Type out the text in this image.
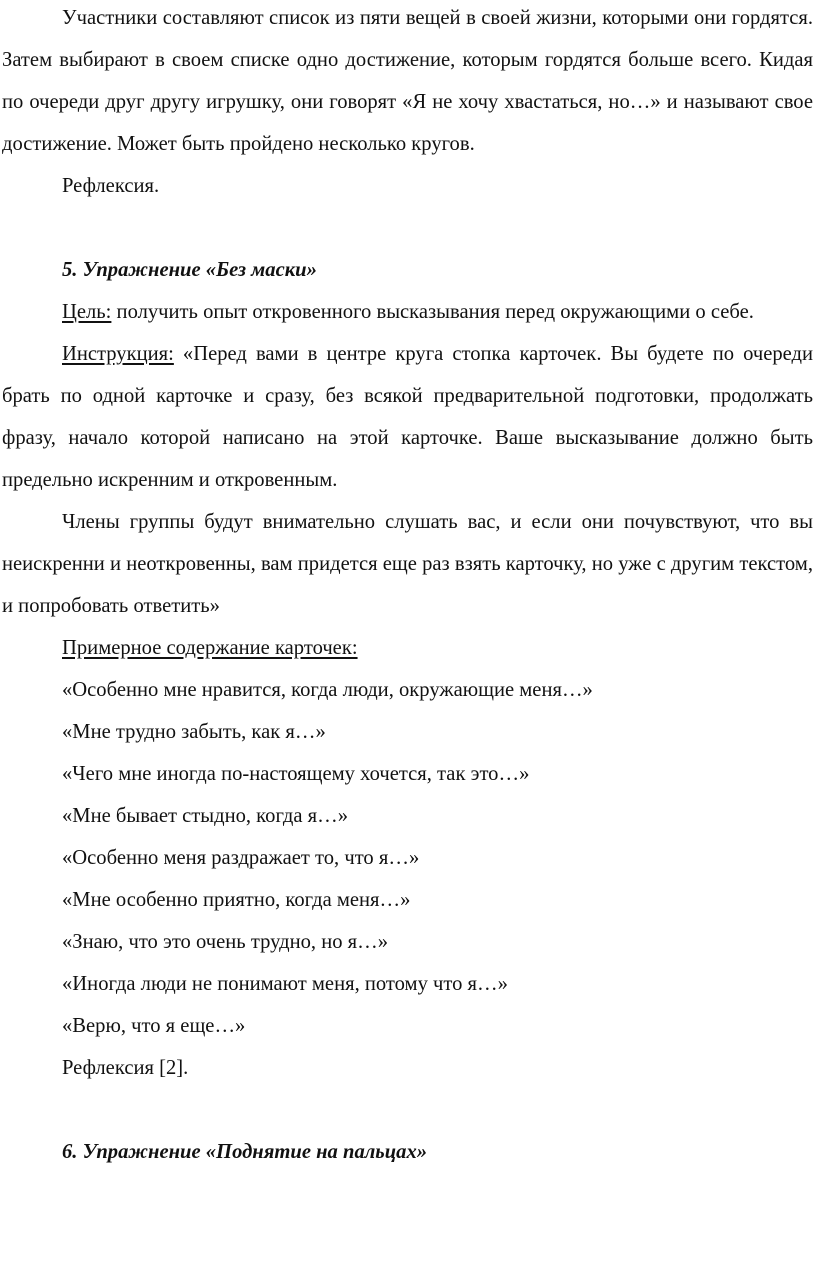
Участники составляют список из пяти вещей в своей жизни, которыми они гордятся. Затем выбирают в своем списке одно достижение, которым гордятся больше всего. Кидая по очереди друг другу игрушку, они говорят «Я не хочу хвастаться, но…» и называют свое достижение. Может быть пройдено несколько кругов.

Рефлексия.

5. Упражнение «Без маски»

Цель: получить опыт откровенного высказывания перед окружающими о себе.

Инструкция: «Перед вами в центре круга стопка карточек. Вы будете по очереди брать по одной карточке и сразу, без всякой предварительной подготовки, продолжать фразу, начало которой написано на этой карточке. Ваше высказывание должно быть предельно искренним и откровенным.

Члены группы будут внимательно слушать вас, и если они почувствуют, что вы неискренни и неоткровенны, вам придется еще раз взять карточку, но уже с другим текстом, и попробовать ответить»

Примерное содержание карточек:

«Особенно мне нравится, когда люди, окружающие меня…»

«Мне трудно забыть, как я…»

«Чего мне иногда по-настоящему хочется, так это…»

«Мне бывает стыдно, когда я…»

«Особенно меня раздражает то, что я…»

«Мне особенно приятно, когда меня…»

«Знаю, что это очень трудно, но я…»

«Иногда люди не понимают меня, потому что я…»

«Верю, что я еще…»

Рефлексия [2].

6. Упражнение «Поднятие на пальцах»
